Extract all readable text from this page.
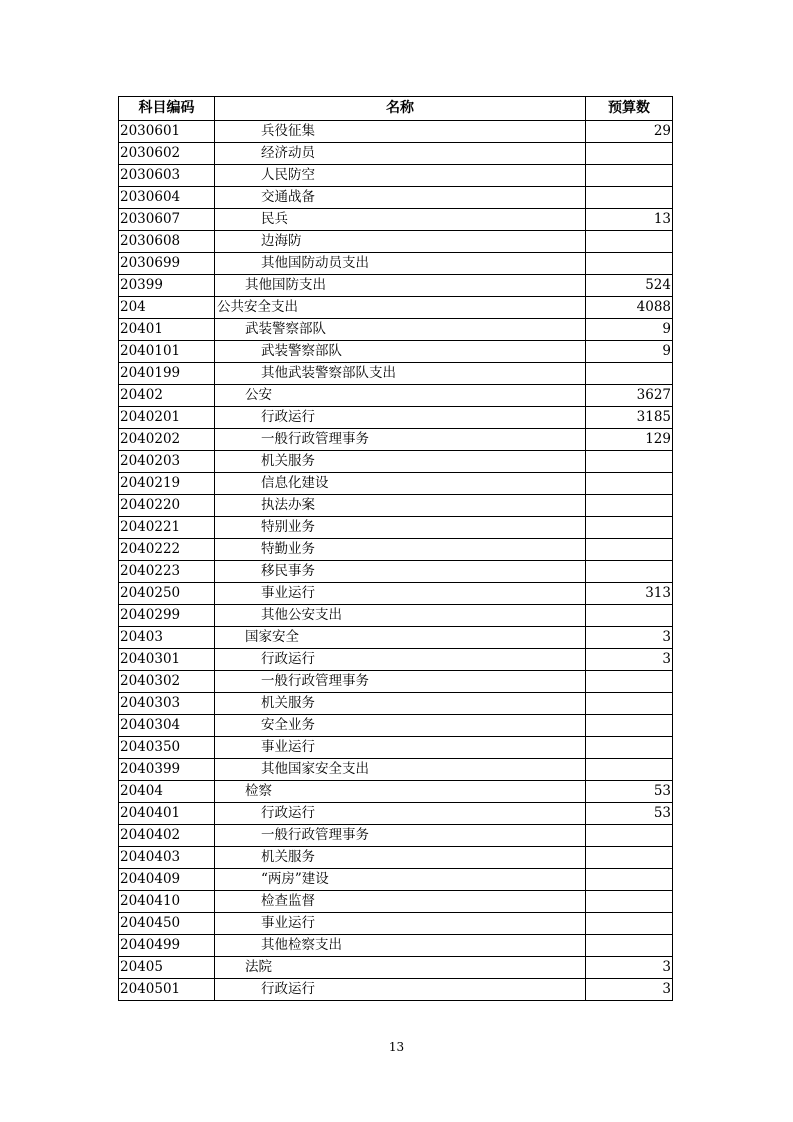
科目编码	名称	预算数
2030601	兵役征集	29
2030602	经济动员	
2030603	人民防空	
2030604	交通战备	
2030607	民兵	13
2030608	边海防	
2030699	其他国防动员支出	
20399	其他国防支出	524
204	公共安全支出	4088
20401	武装警察部队	9
2040101	武装警察部队	9
2040199	其他武装警察部队支出	
20402	公安	3627
2040201	行政运行	3185
2040202	一般行政管理事务	129
2040203	机关服务	
2040219	信息化建设	
2040220	执法办案	
2040221	特别业务	
2040222	特勤业务	
2040223	移民事务	
2040250	事业运行	313
2040299	其他公安支出	
20403	国家安全	3
2040301	行政运行	3
2040302	一般行政管理事务	
2040303	机关服务	
2040304	安全业务	
2040350	事业运行	
2040399	其他国家安全支出	
20404	检察	53
2040401	行政运行	53
2040402	一般行政管理事务	
2040403	机关服务	
2040409	“两房”建设	
2040410	检查监督	
2040450	事业运行	
2040499	其他检察支出	
20405	法院	3
2040501	行政运行	3
13
